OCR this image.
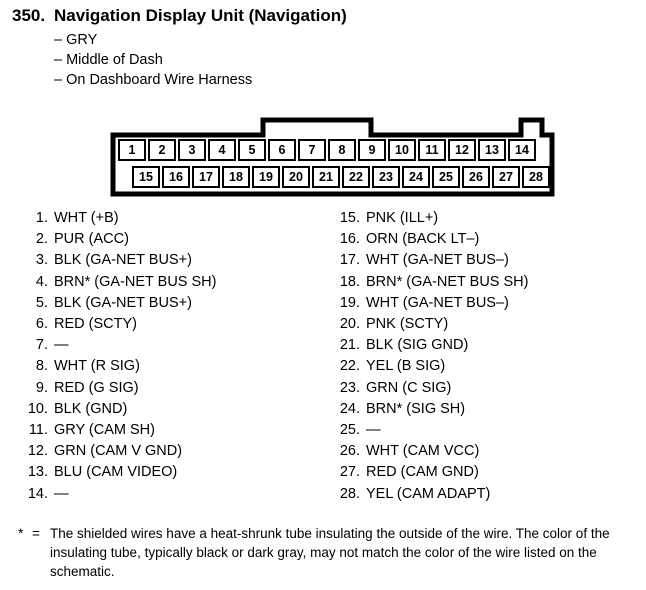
350. Navigation Display Unit (Navigation)
– GRY
– Middle of Dash
– On Dashboard Wire Harness
1	2	3	4	5	6	7	8	9	10	11	12	13	14
15	16	17	18	19	20	21	22	23	24	25	26	27	28
1. WHT (+B)
2. PUR (ACC)
3. BLK (GA-NET BUS+)
4. BRN* (GA-NET BUS SH)
5. BLK (GA-NET BUS+)
6. RED (SCTY)
7. —
8. WHT (R SIG)
9. RED (G SIG)
10. BLK (GND)
11. GRY (CAM SH)
12. GRN (CAM V GND)
13. BLU (CAM VIDEO)
14. —
15. PNK (ILL+)
16. ORN (BACK LT–)
17. WHT (GA-NET BUS–)
18. BRN* (GA-NET BUS SH)
19. WHT (GA-NET BUS–)
20. PNK (SCTY)
21. BLK (SIG GND)
22. YEL (B SIG)
23. GRN (C SIG)
24. BRN* (SIG SH)
25. —
26. WHT (CAM VCC)
27. RED (CAM GND)
28. YEL (CAM ADAPT)
* = The shielded wires have a heat-shrunk tube insulating the outside of the wire. The color of the insulating tube, typically black or dark gray, may not match the color of the wire listed on the schematic.
